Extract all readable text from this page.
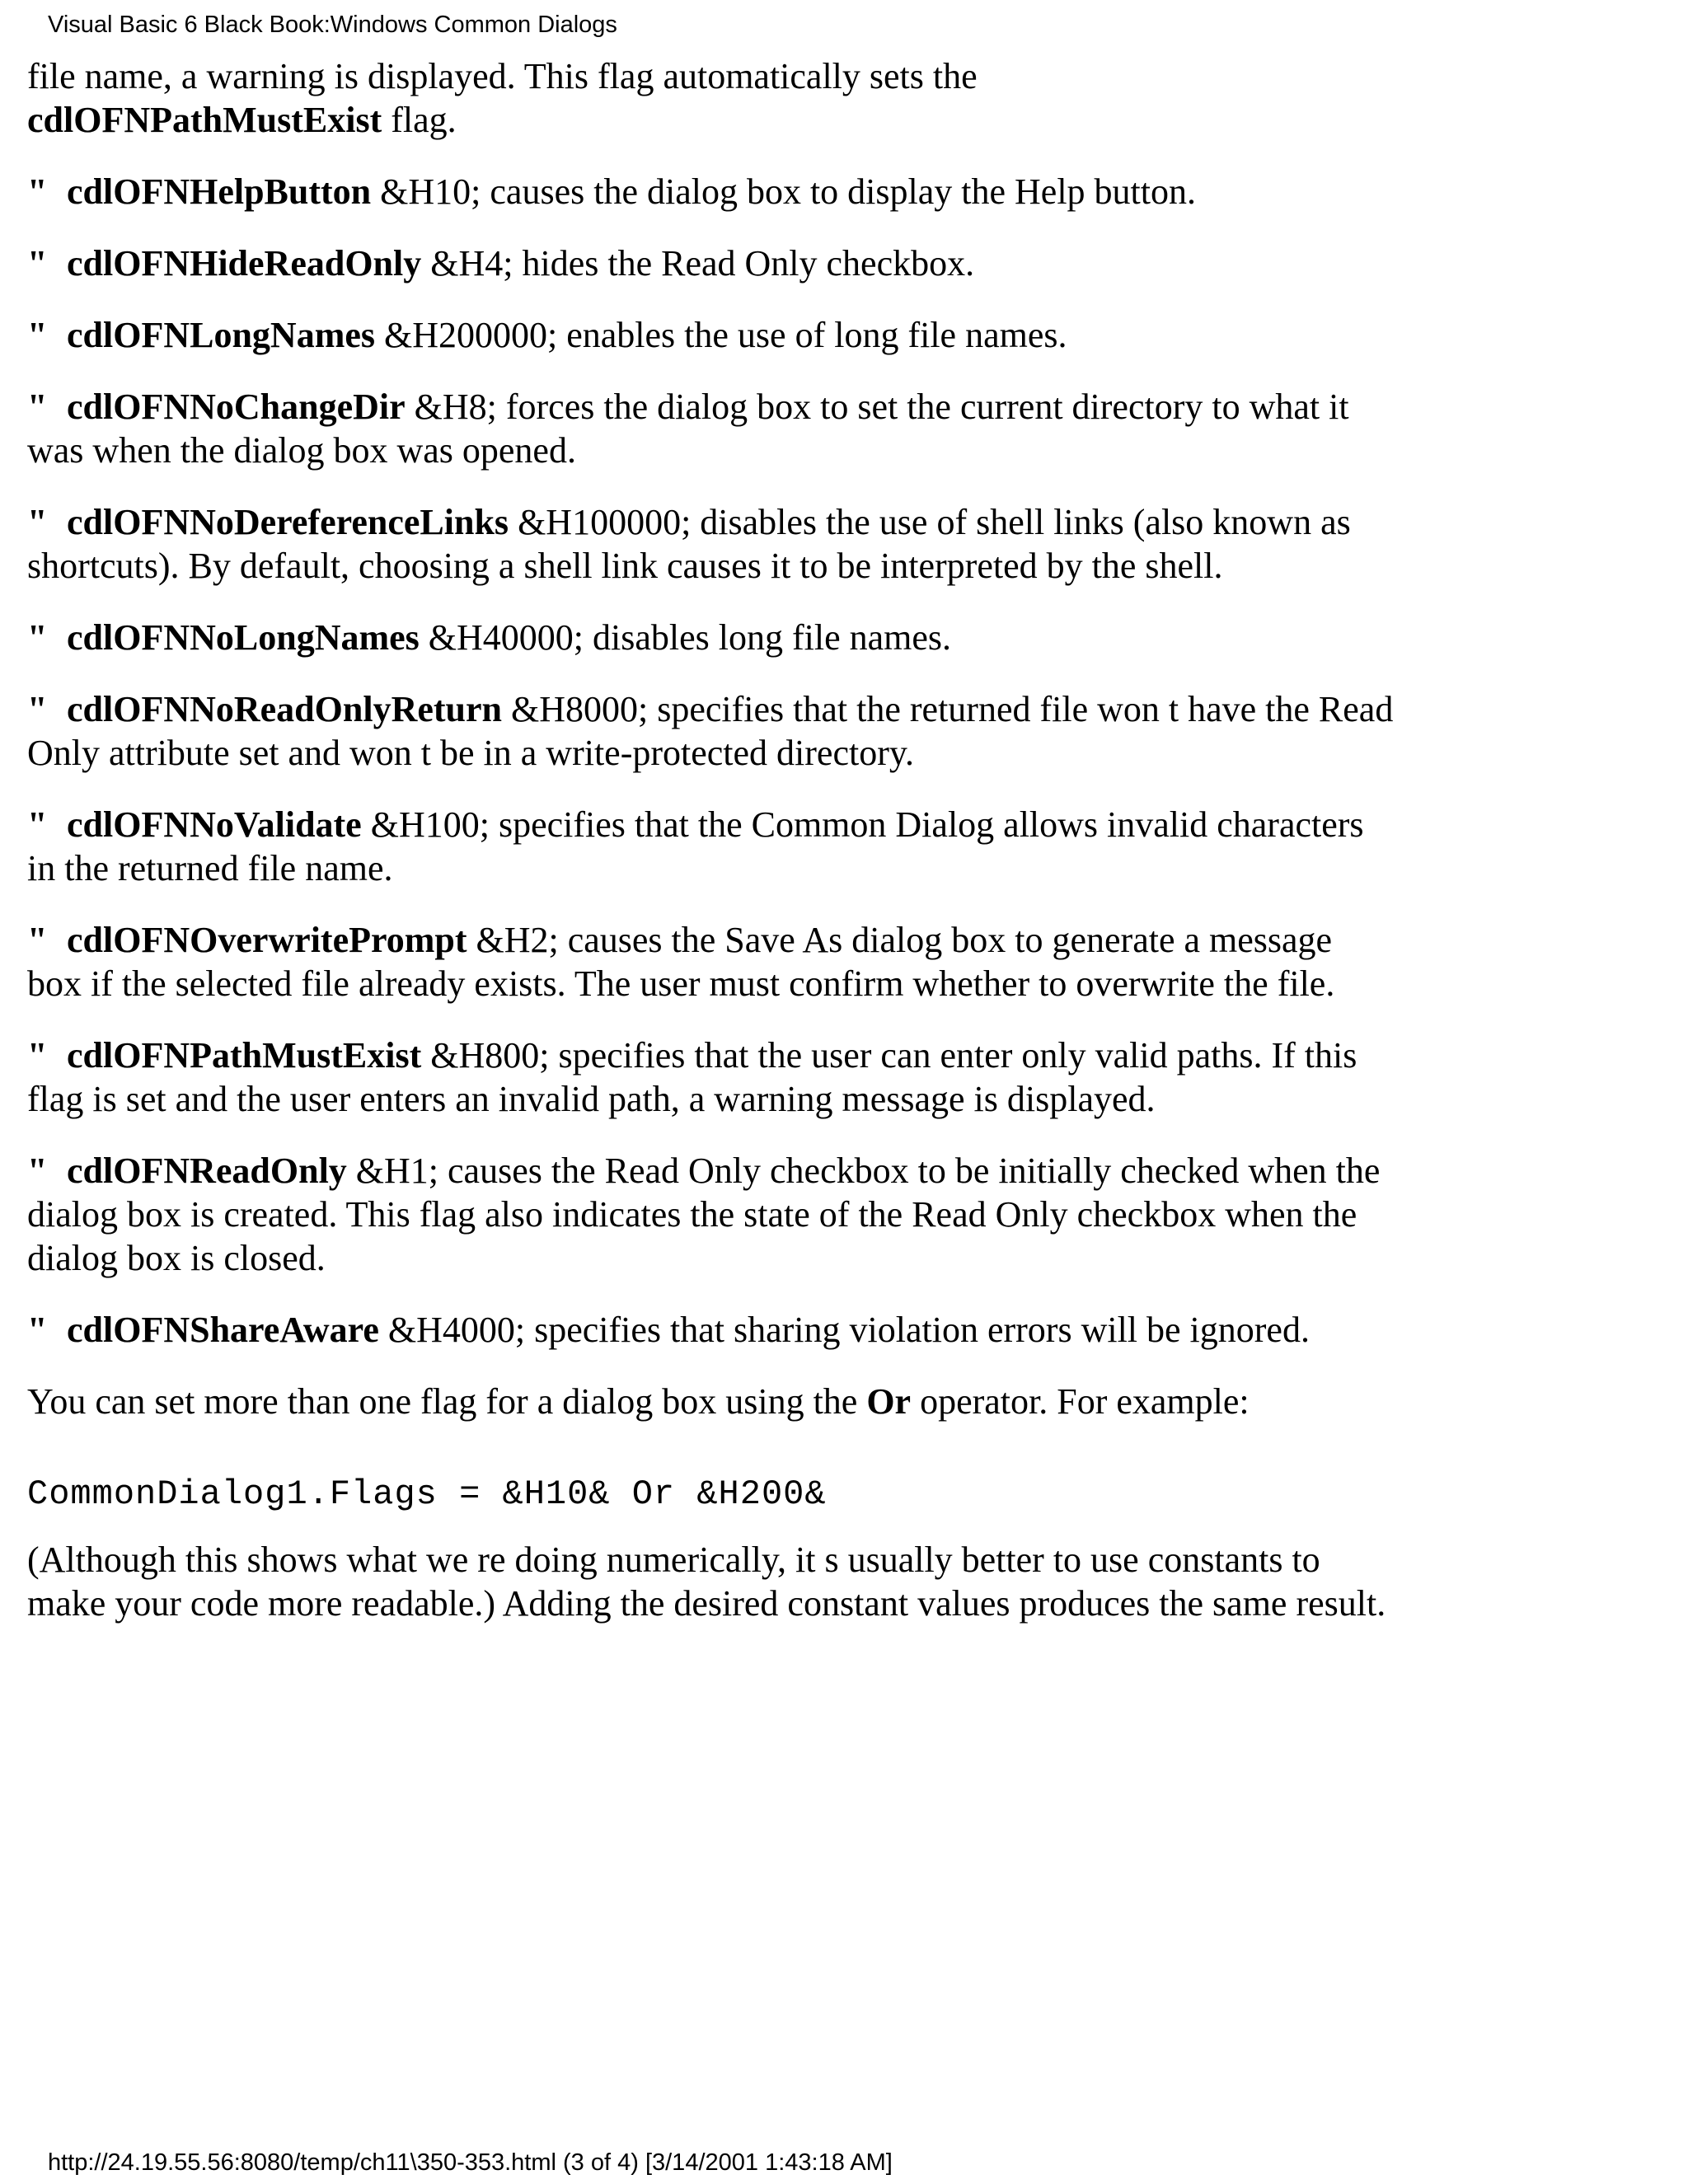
Visual Basic 6 Black Book:Windows Common Dialogs

file name, a warning is displayed. This flag automatically sets the
cdlOFNPathMustExist flag.

" cdlOFNHelpButton &H10; causes the dialog box to display the Help button.

" cdlOFNHideReadOnly &H4; hides the Read Only checkbox.

" cdlOFNLongNames &H200000; enables the use of long file names.

" cdlOFNNoChangeDir &H8; forces the dialog box to set the current directory to what it was when the dialog box was opened.

" cdlOFNNoDereferenceLinks &H100000; disables the use of shell links (also known as shortcuts). By default, choosing a shell link causes it to be interpreted by the shell.

" cdlOFNNoLongNames &H40000; disables long file names.

" cdlOFNNoReadOnlyReturn &H8000; specifies that the returned file won t have the Read Only attribute set and won t be in a write-protected directory.

" cdlOFNNoValidate &H100; specifies that the Common Dialog allows invalid characters in the returned file name.

" cdlOFNOverwritePrompt &H2; causes the Save As dialog box to generate a message box if the selected file already exists. The user must confirm whether to overwrite the file.

" cdlOFNPathMustExist &H800; specifies that the user can enter only valid paths. If this flag is set and the user enters an invalid path, a warning message is displayed.

" cdlOFNReadOnly &H1; causes the Read Only checkbox to be initially checked when the dialog box is created. This flag also indicates the state of the Read Only checkbox when the dialog box is closed.

" cdlOFNShareAware &H4000; specifies that sharing violation errors will be ignored.

You can set more than one flag for a dialog box using the Or operator. For example:

CommonDialog1.Flags = &H10& Or &H200&

(Although this shows what we re doing numerically, it s usually better to use constants to make your code more readable.) Adding the desired constant values produces the same result.

http://24.19.55.56:8080/temp/ch11\350-353.html (3 of 4) [3/14/2001 1:43:18 AM]
